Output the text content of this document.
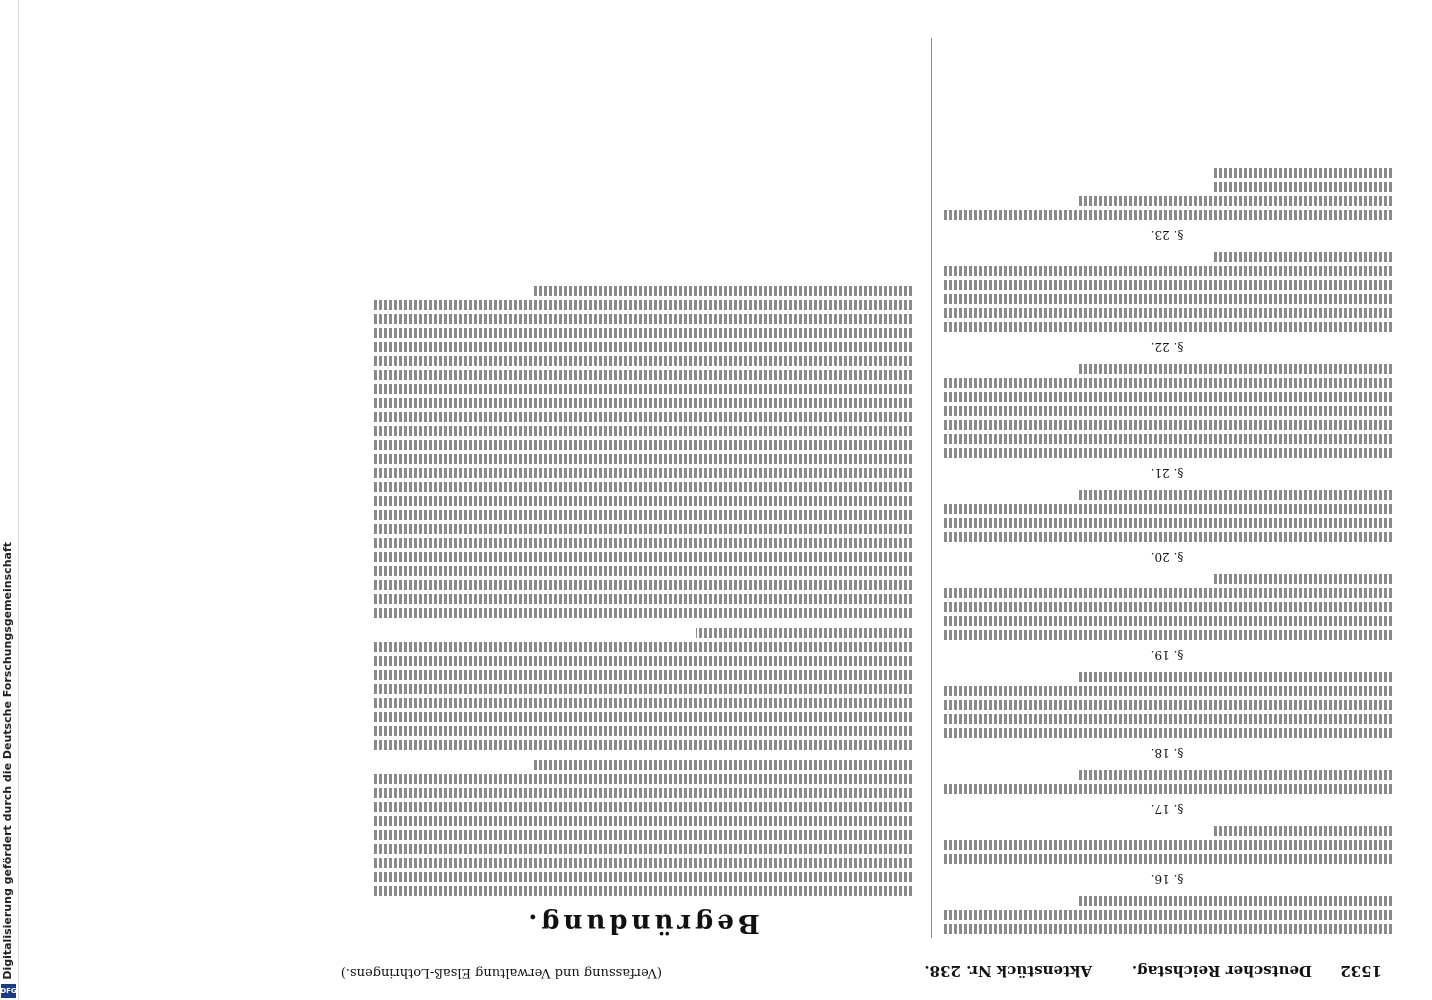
Digitalisierung gefördert durch die Deutsche Forschungsgemeinschaft
DFG
1532
Deutscher Reichstag.
Aktenstück Nr. 238.
(Verfassung und Verwaltung Elsaß-Lothringens.)
§. 16.
§. 17.
§. 18.
§. 19.
§. 20.
§. 21.
§. 22.
§. 23.
Begründung.
